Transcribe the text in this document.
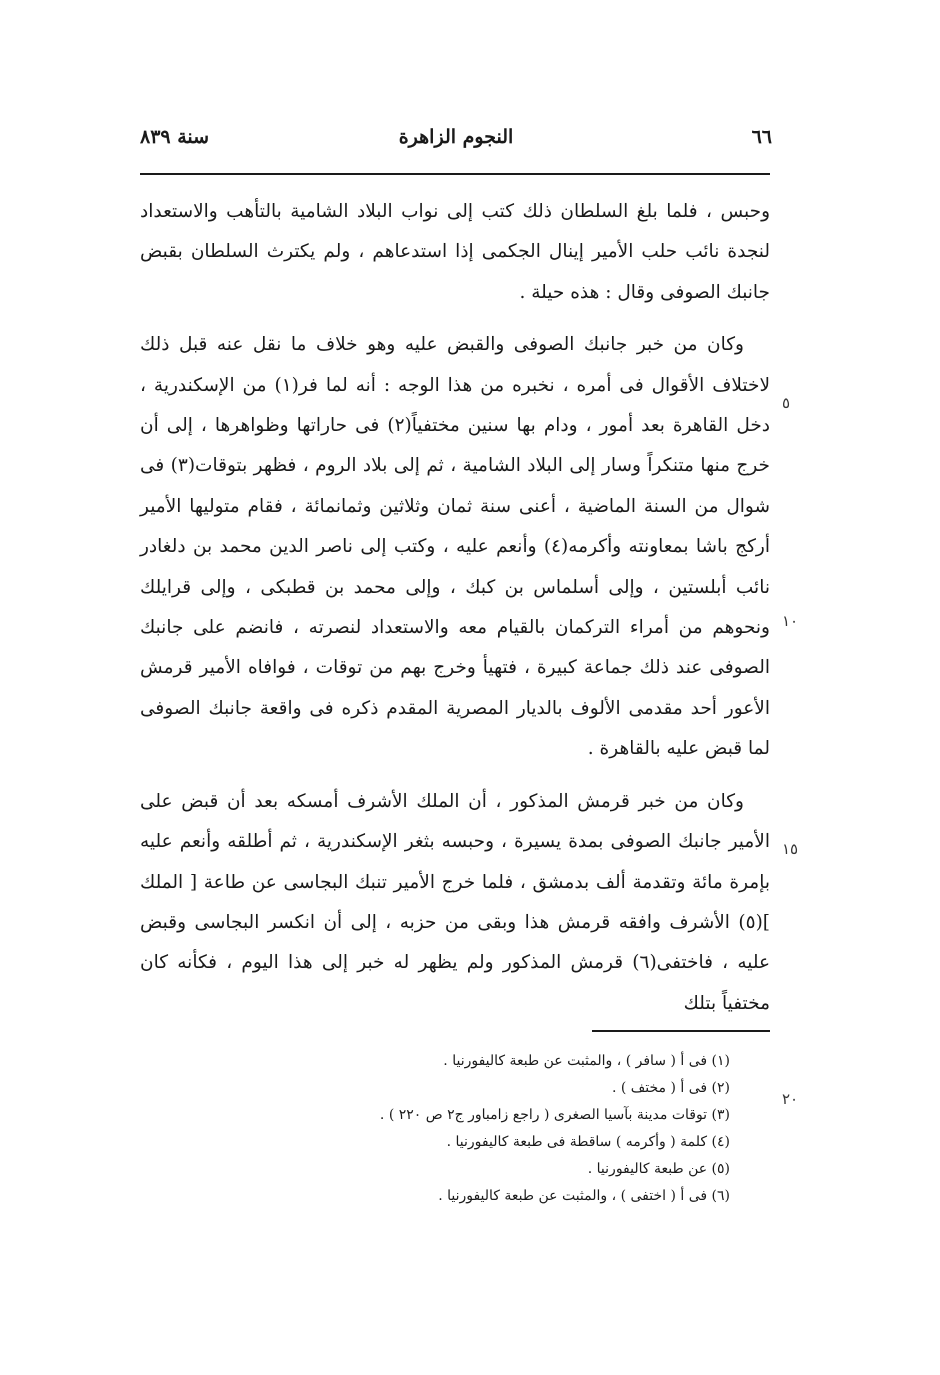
٦٦
النجوم الزاهرة
سنة ٨٣٩
٥
١٠
١٥
٢٠

وحبس ، فلما بلغ السلطان ذلك كتب إلى نواب البلاد الشامية بالتأهب والاستعداد لنجدة نائب حلب الأمير إينال الجكمى إذا استدعاهم ، ولم يكترث السلطان بقبض جانبك الصوفى وقال : هذه حيلة .

وكان من خبر جانبك الصوفى والقبض عليه وهو خلاف ما نقل عنه قبل ذلك لاختلاف الأقوال فى أمره ، نخبره من هذا الوجه : أنه لما فر(١) من الإسكندرية ، دخل القاهرة بعد أمور ، ودام بها سنين مختفياً(٢) فى حاراتها وظواهرها ، إلى أن خرج منها متنكراً وسار إلى البلاد الشامية ، ثم إلى بلاد الروم ، فظهر بتوقات(٣) فى شوال من السنة الماضية ، أعنى سنة ثمان وثلاثين وثمانمائة ، فقام متوليها الأمير أركج باشا بمعاونته وأكرمه(٤) وأنعم عليه ، وكتب إلى ناصر الدين محمد بن دلغادر نائب أبلستين ، وإلى أسلماس بن كبك ، وإلى محمد بن قطبكى ، وإلى قرايلك ونحوهم من أمراء التركمان بالقيام معه والاستعداد لنصرته ، فانضم على جانبك الصوفى عند ذلك جماعة كبيرة ، فتهيأ وخرج بهم من توقات ، فوافاه الأمير قرمش الأعور أحد مقدمى الألوف بالديار المصرية المقدم ذكره فى واقعة جانبك الصوفى لما قبض عليه بالقاهرة .

وكان من خبر قرمش المذكور ، أن الملك الأشرف أمسكه بعد أن قبض على الأمير جانبك الصوفى بمدة يسيرة ، وحبسه بثغر الإسكندرية ، ثم أطلقه وأنعم عليه بإمرة مائة وتقدمة ألف بدمشق ، فلما خرج الأمير تنبك البجاسى عن طاعة [ الملك ](٥) الأشرف وافقه قرمش هذا وبقى من حزبه ، إلى أن انكسر البجاسى وقبض عليه ، فاختفى(٦) قرمش المذكور ولم يظهر له خبر إلى هذا اليوم ، فكأنه كان مختفياً بتلك

(١) فى أ ( سافر ) ، والمثبت عن طبعة كاليفورنيا .

(٢) فى أ ( مختف ) .

(٣) توقات مدينة بآسيا الصغرى ( راجع زامباور ج٢ ص ٢٢٠ ) .

(٤) كلمة ( وأكرمه ) ساقطة فى طبعة كاليفورنيا .

(٥) عن طبعة كاليفورنيا .

(٦) فى أ ( اختفى ) ، والمثبت عن طبعة كاليفورنيا .
